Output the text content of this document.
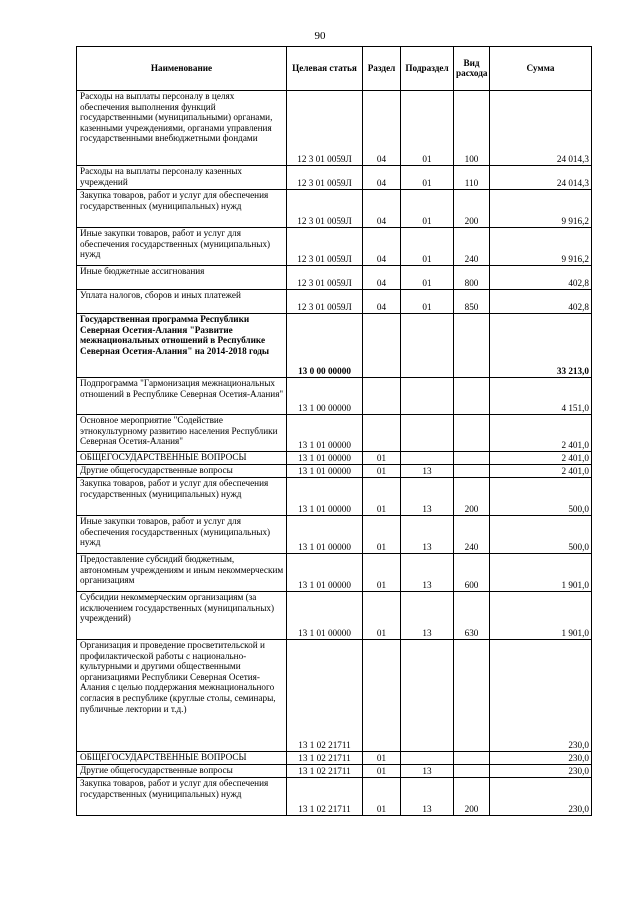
90
Наименование	Целевая статья	Раздел	Подраздел	Вид расхода	Сумма
Расходы на выплаты персоналу в целях обеспечения выполнения функций государственными (муниципальными) органами, казенными учреждениями, органами управления государственными внебюджетными фондами	12 3 01 0059Л	04	01	100	24 014,3
Расходы на выплаты персоналу казенных учреждений	12 3 01 0059Л	04	01	110	24 014,3
Закупка товаров, работ и услуг для обеспечения государственных (муниципальных) нужд	12 3 01 0059Л	04	01	200	9 916,2
Иные закупки товаров, работ и услуг для обеспечения государственных (муниципальных) нужд	12 3 01 0059Л	04	01	240	9 916,2
Иные бюджетные ассигнования	12 3 01 0059Л	04	01	800	402,8
Уплата налогов, сборов и иных платежей	12 3 01 0059Л	04	01	850	402,8
Государственная программа Республики Северная Осетия-Алания "Развитие межнациональных отношений в Республике Северная Осетия-Алания" на 2014-2018 годы	13 0 00 00000				33 213,0
Подпрограмма "Гармонизация межнациональных отношений в Республике Северная Осетия-Алания"	13 1 00 00000				4 151,0
Основное мероприятие "Содействие этнокультурному развитию населения Республики Северная Осетия-Алания"	13 1 01 00000				2 401,0
ОБЩЕГОСУДАРСТВЕННЫЕ ВОПРОСЫ	13 1 01 00000	01			2 401,0
Другие общегосударственные вопросы	13 1 01 00000	01	13		2 401,0
Закупка товаров, работ и услуг для обеспечения государственных (муниципальных) нужд	13 1 01 00000	01	13	200	500,0
Иные закупки товаров, работ и услуг для обеспечения государственных (муниципальных) нужд	13 1 01 00000	01	13	240	500,0
Предоставление субсидий бюджетным, автономным учреждениям и иным некоммерческим организациям	13 1 01 00000	01	13	600	1 901,0
Субсидии некоммерческим организациям (за исключением государственных (муниципальных) учреждений)	13 1 01 00000	01	13	630	1 901,0
Организация и проведение просветительской и профилактической работы с национально-культурными и другими общественными организациями Республики Северная Осетия-Алания с целью поддержания межнационального согласия в республике (круглые столы, семинары, публичные лектории и т.д.)	13 1 02 21711				230,0
ОБЩЕГОСУДАРСТВЕННЫЕ ВОПРОСЫ	13 1 02 21711	01			230,0
Другие общегосударственные вопросы	13 1 02 21711	01	13		230,0
Закупка товаров, работ и услуг для обеспечения государственных (муниципальных) нужд	13 1 02 21711	01	13	200	230,0
